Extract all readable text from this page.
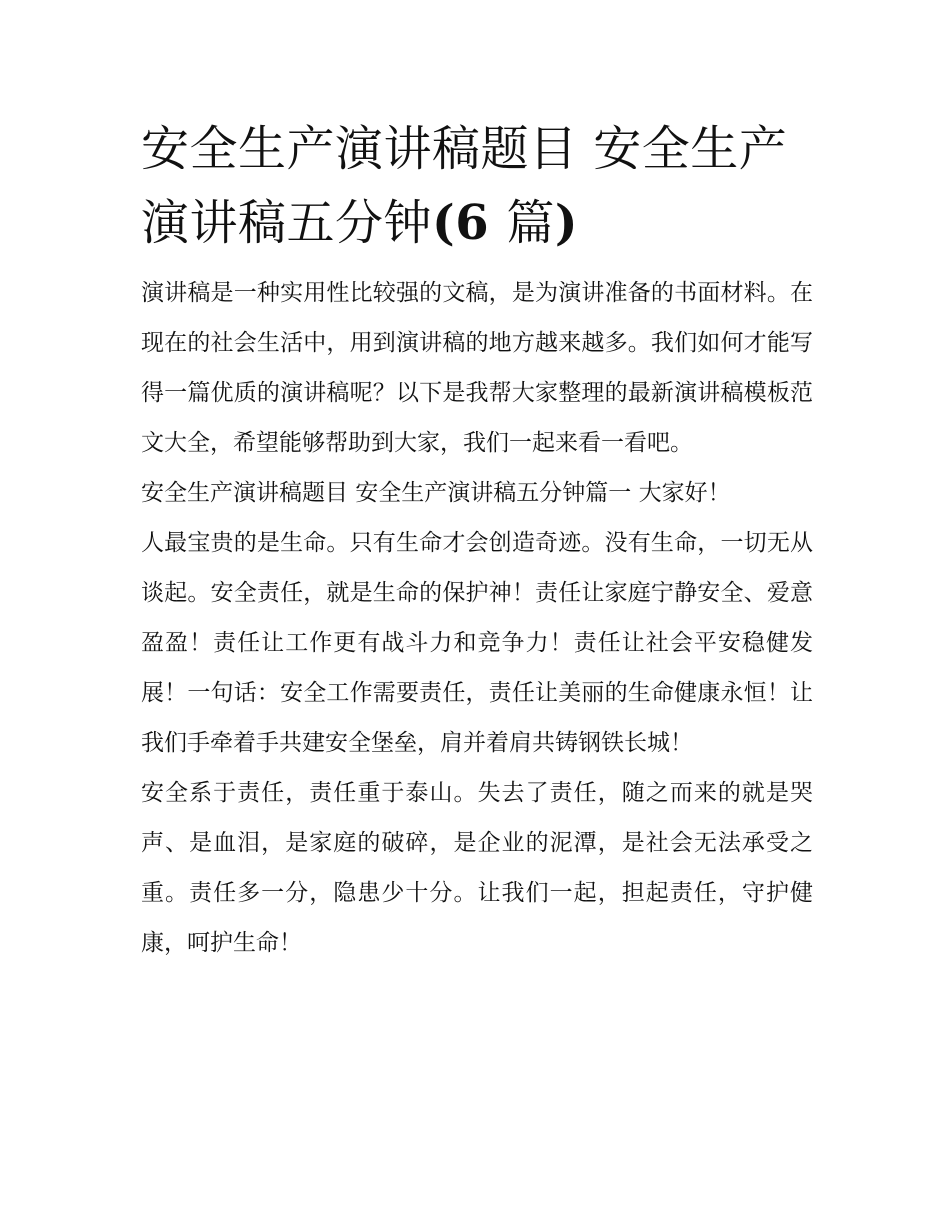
安全生产演讲稿题目 安全生产
演讲稿五分钟(6 篇)

演讲稿是一种实用性比较强的文稿，是为演讲准备的书面材料。在现在的社会生活中，用到演讲稿的地方越来越多。我们如何才能写得一篇优质的演讲稿呢？以下是我帮大家整理的最新演讲稿模板范文大全，希望能够帮助到大家，我们一起来看一看吧。

安全生产演讲稿题目 安全生产演讲稿五分钟篇一 大家好！

人最宝贵的是生命。只有生命才会创造奇迹。没有生命，一切无从谈起。安全责任，就是生命的保护神！责任让家庭宁静安全、爱意盈盈！责任让工作更有战斗力和竞争力！责任让社会平安稳健发展！一句话：安全工作需要责任，责任让美丽的生命健康永恒！让我们手牵着手共建安全堡垒，肩并着肩共铸钢铁长城！

安全系于责任，责任重于泰山。失去了责任，随之而来的就是哭声、是血泪，是家庭的破碎，是企业的泥潭，是社会无法承受之重。责任多一分，隐患少十分。让我们一起，担起责任，守护健康，呵护生命！
